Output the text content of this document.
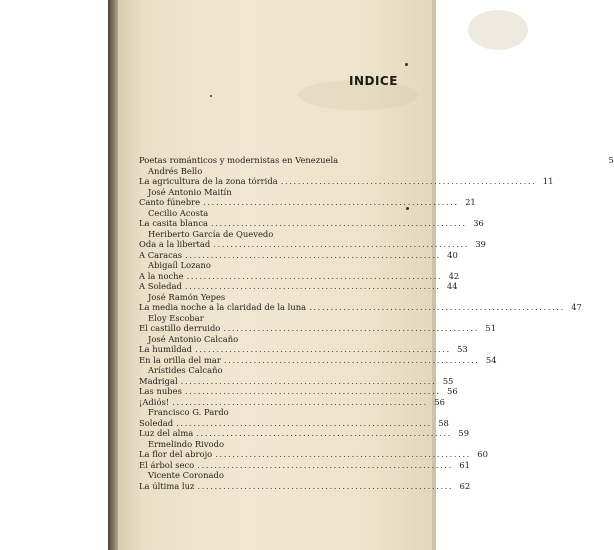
INDICE
Poetas románticos y modernistas en Venezuela	5
Andrés Bello
La agricultura de la zona tórrida ............................................................ 11
José Antonio Maitín
Canto fúnebre ............................................................ 21
Cecilio Acosta
La casita blanca ............................................................ 36
Heriberto García de Quevedo
Oda a la libertad ............................................................ 39
A Caracas ............................................................ 40
Abigaíl Lozano
A la noche ............................................................ 42
A Soledad ............................................................ 44
José Ramón Yepes
La media noche a la claridad de la luna ............................................................ 47
Eloy Escobar
El castillo derruido ............................................................ 51
José Antonio Calcaño
La humildad ............................................................ 53
En la orilla del mar ............................................................ 54
Arístides Calcaño
Madrigal ............................................................ 55
Las nubes ............................................................ 56
¡Adiós! ............................................................ 56
Francisco G. Pardo
Soledad ............................................................ 58
Luz del alma ............................................................ 59
Ermelindo Rivodo
La flor del abrojo ............................................................ 60
El árbol seco ............................................................ 61
Vicente Coronado
La última luz ............................................................ 62
